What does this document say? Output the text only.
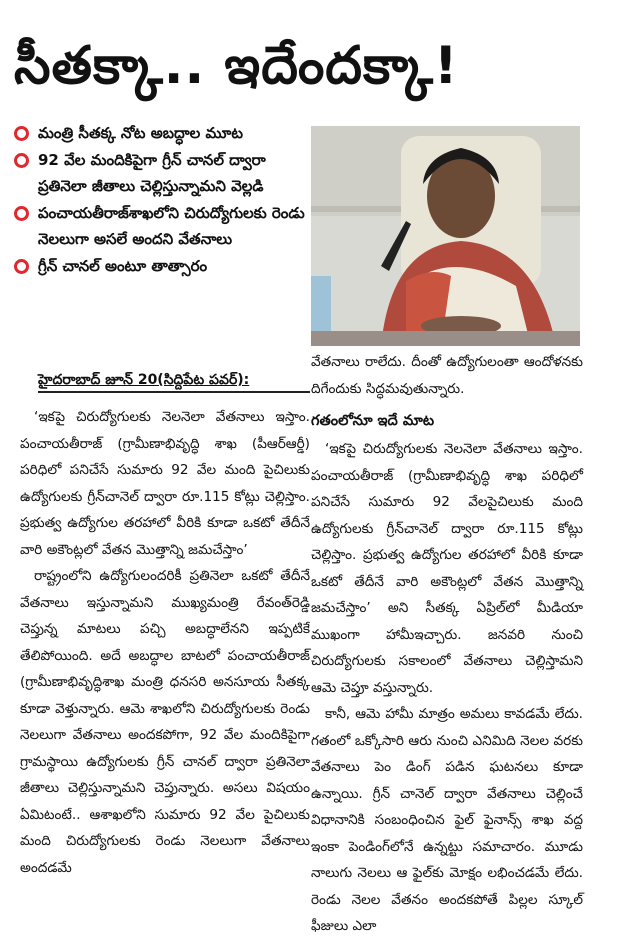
సీతక్కా.. ఇదేందక్కా!
మంత్రి సీతక్క నోట అబద్ధాల మూట
92 వేల మందికిపైగా గ్రీన్ చానల్ ద్వారా ప్రతినెలా జీతాలు చెల్లిస్తున్నామని వెల్లడి
పంచాయతీరాజ్‌శాఖలోని చిరుద్యోగులకు రెండు నెలలుగా అసలే అందని వేతనాలు
గ్రీన్ చానల్ అంటూ తాత్సారం
హైదరాబాద్ జూన్ 20(సిద్దిపేట పవర్):

‘ఇకపై చిరుద్యోగులకు నెలనెలా వేతనాలు ఇస్తాం. పంచాయతీరాజ్ (గ్రామీణాభివృద్ధి శాఖ (పీఆర్ఆర్డీ) పరిధిలో పనిచేసే సుమారు 92 వేల మంది పైచిలుకు ఉద్యోగులకు గ్రీన్‌చానెల్ ద్వారా రూ.115 కోట్లు చెల్లిస్తాం. ప్రభుత్వ ఉద్యోగుల తరహాలో వీరికి కూడా ఒకటో తేదీనే వారి అకౌంట్లలో వేతన మొత్తాన్ని జమచేస్తాం’

రాష్ట్రంలోని ఉద్యోగులందరికీ ప్రతినెలా ఒకటో తేదీనే వేతనాలు ఇస్తున్నామని ముఖ్యమంత్రి రేవంత్‌రెడ్డి చెప్తున్న మాటలు పచ్చి అబద్ధాలేనని ఇప్పటికే తేలిపోయింది. అదే అబద్ధాల బాటలో పంచాయతీరాజ్ (గ్రామీణాభివృద్ధిశాఖ మంత్రి ధనసరి అనసూయ సీతక్క కూడా వెళ్తున్నారు. ఆమె శాఖలోని చిరుద్యోగులకు రెండు నెలలుగా వేతనాలు అందకపోగా, 92 వేల మందికిపైగా గ్రామస్థాయి ఉద్యోగులకు గ్రీన్ చానల్ ద్వారా ప్రతినెలా జీతాలు చెల్లిస్తున్నామని చెప్తున్నారు. అసలు విషయం ఏమిటంటే.. ఆశాఖలోని సుమారు 92 వేల పైచిలుకు మంది చిరుద్యోగులకు రెండు నెలలుగా వేతనాలు అందడమే

వేతనాలు రాలేదు. దీంతో ఉద్యోగులంతా ఆందోళనకు దిగేందుకు సిద్ధమవుతున్నారు.

గతంలోనూ ఇదే మాట

‘ఇకపై చిరుద్యోగులకు నెలనెలా వేతనాలు ఇస్తాం. పంచాయతీరాజ్ (గ్రామీణాభివృద్ధి శాఖ పరిధిలో పనిచేసే సుమారు 92 వేలపైచిలుకు మంది ఉద్యోగులకు గ్రీన్‌చానెల్ ద్వారా రూ.115 కోట్లు చెల్లిస్తాం. ప్రభుత్వ ఉద్యోగుల తరహాలో వీరికి కూడా ఒకటో తేదీనే వారి అకౌంట్లలో వేతన మొత్తాన్ని జమచేస్తాం’ అని సీతక్క ఏప్రిల్‌లో మీడియా ముఖంగా హామీఇచ్చారు. జనవరి నుంచి చిరుద్యోగులకు సకాలంలో వేతనాలు చెల్లిస్తామని ఆమె చెప్తూ వస్తున్నారు.

కానీ, ఆమె హామీ మాత్రం అమలు కావడమే లేదు. గతంలో ఒక్కోసారి ఆరు నుంచి ఎనిమిది నెలల వరకు వేతనాలు పెం డింగ్ పడిన ఘటనలు కూడా ఉన్నాయి. గ్రీన్ చానెల్ ద్వారా వేతనాలు చెల్లించే విధానానికి సంబంధించిన ఫైల్ ఫైనాన్స్ శాఖ వద్ద ఇంకా పెండింగ్‌లోనే ఉన్నట్టు సమాచారం. మూడు నాలుగు నెలలు ఆ ఫైల్‌కు మోక్షం లభించడమే లేదు. రెండు నెలల వేతనం అందకపోతే పిల్లల స్కూల్ ఫీజులు ఎలా
